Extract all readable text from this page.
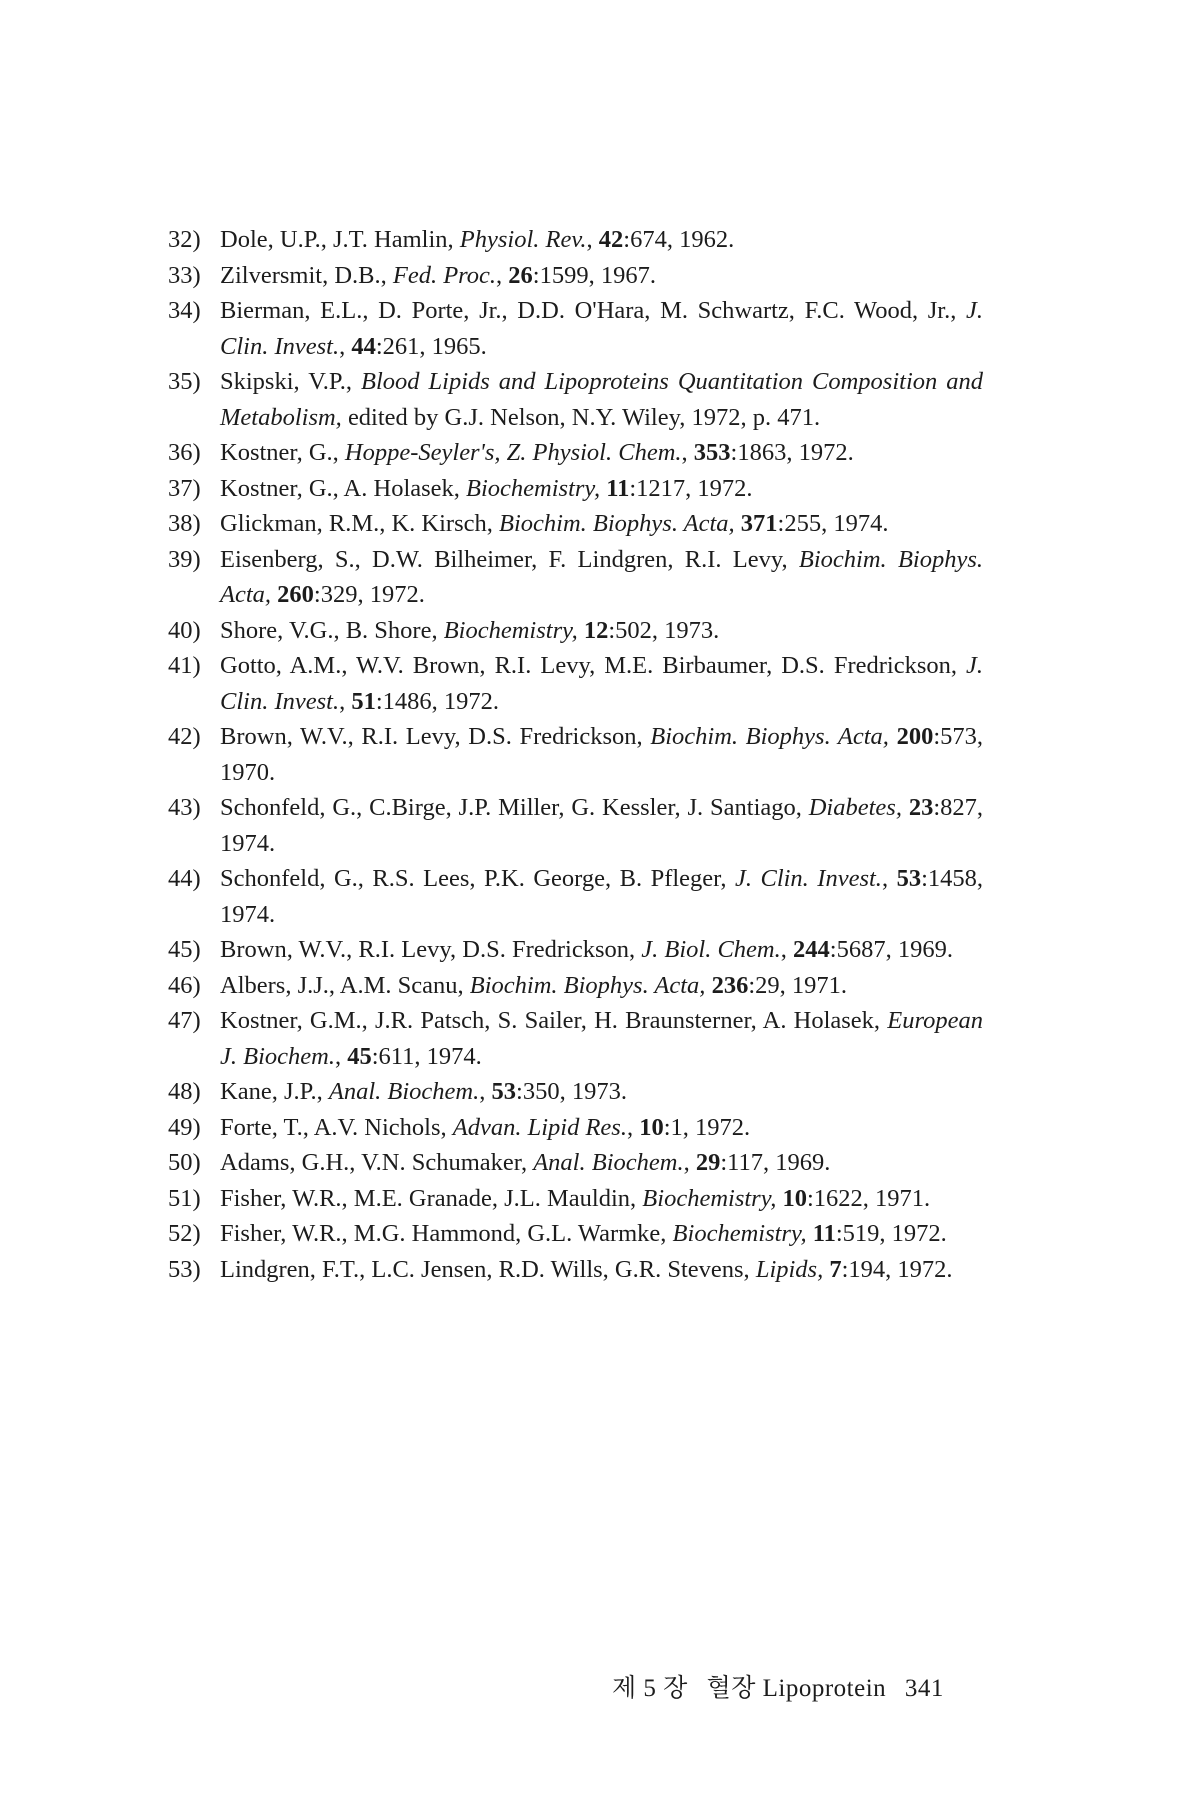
32) Dole, U.P., J.T. Hamlin, Physiol. Rev., 42:674, 1962.
33) Zilversmit, D.B., Fed. Proc., 26:1599, 1967.
34) Bierman, E.L., D. Porte, Jr., D.D. O'Hara, M. Schwartz, F.C. Wood, Jr., J. Clin. Invest., 44:261, 1965.
35) Skipski, V.P., Blood Lipids and Lipoproteins Quantitation Composition and Metabolism, edited by G.J. Nelson, N.Y. Wiley, 1972, p. 471.
36) Kostner, G., Hoppe-Seyler's, Z. Physiol. Chem., 353:1863, 1972.
37) Kostner, G., A. Holasek, Biochemistry, 11:1217, 1972.
38) Glickman, R.M., K. Kirsch, Biochim. Biophys. Acta, 371:255, 1974.
39) Eisenberg, S., D.W. Bilheimer, F. Lindgren, R.I. Levy, Biochim. Biophys. Acta, 260:329, 1972.
40) Shore, V.G., B. Shore, Biochemistry, 12:502, 1973.
41) Gotto, A.M., W.V. Brown, R.I. Levy, M.E. Birbaumer, D.S. Fredrickson, J. Clin. Invest., 51:1486, 1972.
42) Brown, W.V., R.I. Levy, D.S. Fredrickson, Biochim. Biophys. Acta, 200:573, 1970.
43) Schonfeld, G., C.Birge, J.P. Miller, G. Kessler, J. Santiago, Diabetes, 23:827, 1974.
44) Schonfeld, G., R.S. Lees, P.K. George, B. Pfleger, J. Clin. Invest., 53:1458, 1974.
45) Brown, W.V., R.I. Levy, D.S. Fredrickson, J. Biol. Chem., 244:5687, 1969.
46) Albers, J.J., A.M. Scanu, Biochim. Biophys. Acta, 236:29, 1971.
47) Kostner, G.M., J.R. Patsch, S. Sailer, H. Braunsterner, A. Holasek, European J. Biochem., 45:611, 1974.
48) Kane, J.P., Anal. Biochem., 53:350, 1973.
49) Forte, T., A.V. Nichols, Advan. Lipid Res., 10:1, 1972.
50) Adams, G.H., V.N. Schumaker, Anal. Biochem., 29:117, 1969.
51) Fisher, W.R., M.E. Granade, J.L. Mauldin, Biochemistry, 10:1622, 1971.
52) Fisher, W.R., M.G. Hammond, G.L. Warmke, Biochemistry, 11:519, 1972.
53) Lindgren, F.T., L.C. Jensen, R.D. Wills, G.R. Stevens, Lipids, 7:194, 1972.
제 5 장 혈장 Lipoprotein 341
